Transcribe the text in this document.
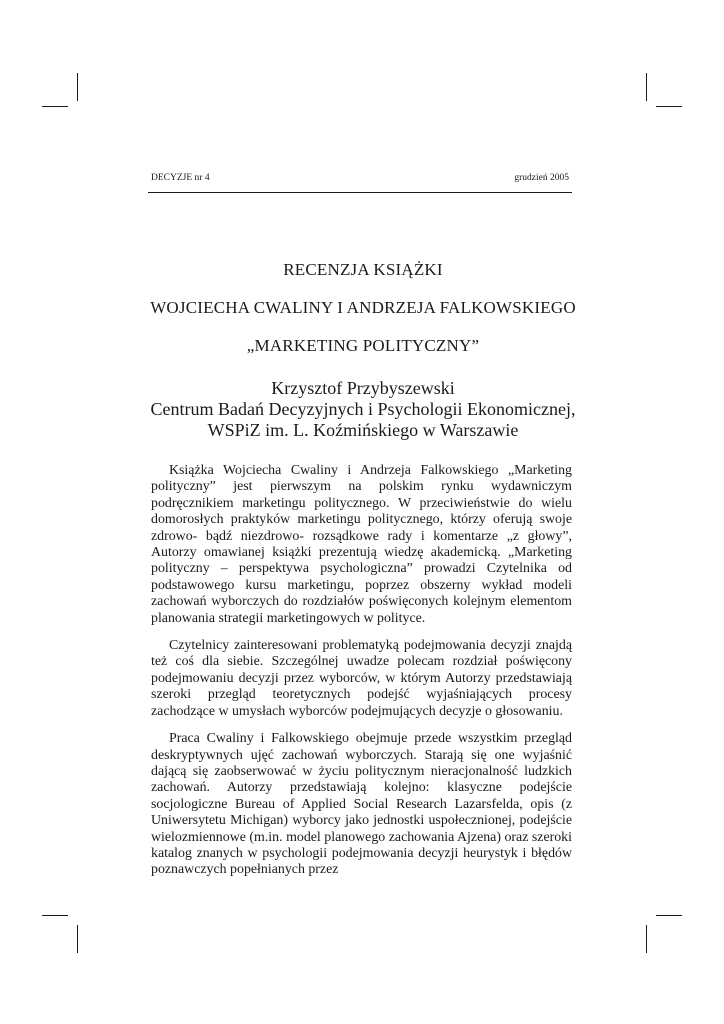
DECYZJE nr 4	grudzień 2005
RECENZJA KSIĄŻKI
WOJCIECHA CWALINY I ANDRZEJA FALKOWSKIEGO
„MARKETING POLITYCZNY”
Krzysztof Przybyszewski
Centrum Badań Decyzyjnych i Psychologii Ekonomicznej,
WSPiZ im. L. Koźmińskiego w Warszawie

Książka Wojciecha Cwaliny i Andrzeja Falkowskiego „Marketing polityczny” jest pierwszym na polskim rynku wydawniczym podręcznikiem marketingu politycznego. W przeciwieństwie do wielu domorosłych praktyków marketingu politycznego, którzy oferują swoje zdrowo- bądź niezdrowo- rozsądkowe rady i komentarze „z głowy”, Autorzy omawianej książki prezentują wiedzę akademicką. „Marketing polityczny – perspektywa psychologiczna” prowadzi Czytelnika od podstawowego kursu marketingu, poprzez obszerny wykład modeli zachowań wyborczych do rozdziałów poświęconych kolejnym elementom planowania strategii marketingowych w polityce.

Czytelnicy zainteresowani problematyką podejmowania decyzji znajdą też coś dla siebie. Szczególnej uwadze polecam rozdział poświęcony podejmowaniu decyzji przez wyborców, w którym Autorzy przedstawiają szeroki przegląd teoretycznych podejść wyjaśniających procesy zachodzące w umysłach wyborców podejmujących decyzje o głosowaniu.

Praca Cwaliny i Falkowskiego obejmuje przede wszystkim przegląd deskryptywnych ujęć zachowań wyborczych. Starają się one wyjaśnić dającą się zaobserwować w życiu politycznym nieracjonalność ludzkich zachowań. Autorzy przedstawiają kolejno: klasyczne podejście socjologiczne Bureau of Applied Social Research Lazarsfelda, opis (z Uniwersytetu Michigan) wyborcy jako jednostki uspołecznionej, podejście wielozmiennowe (m.in. model planowego zachowania Ajzena) oraz szeroki katalog znanych w psychologii podejmowania decyzji heurystyk i błędów poznawczych popełnianych przez
